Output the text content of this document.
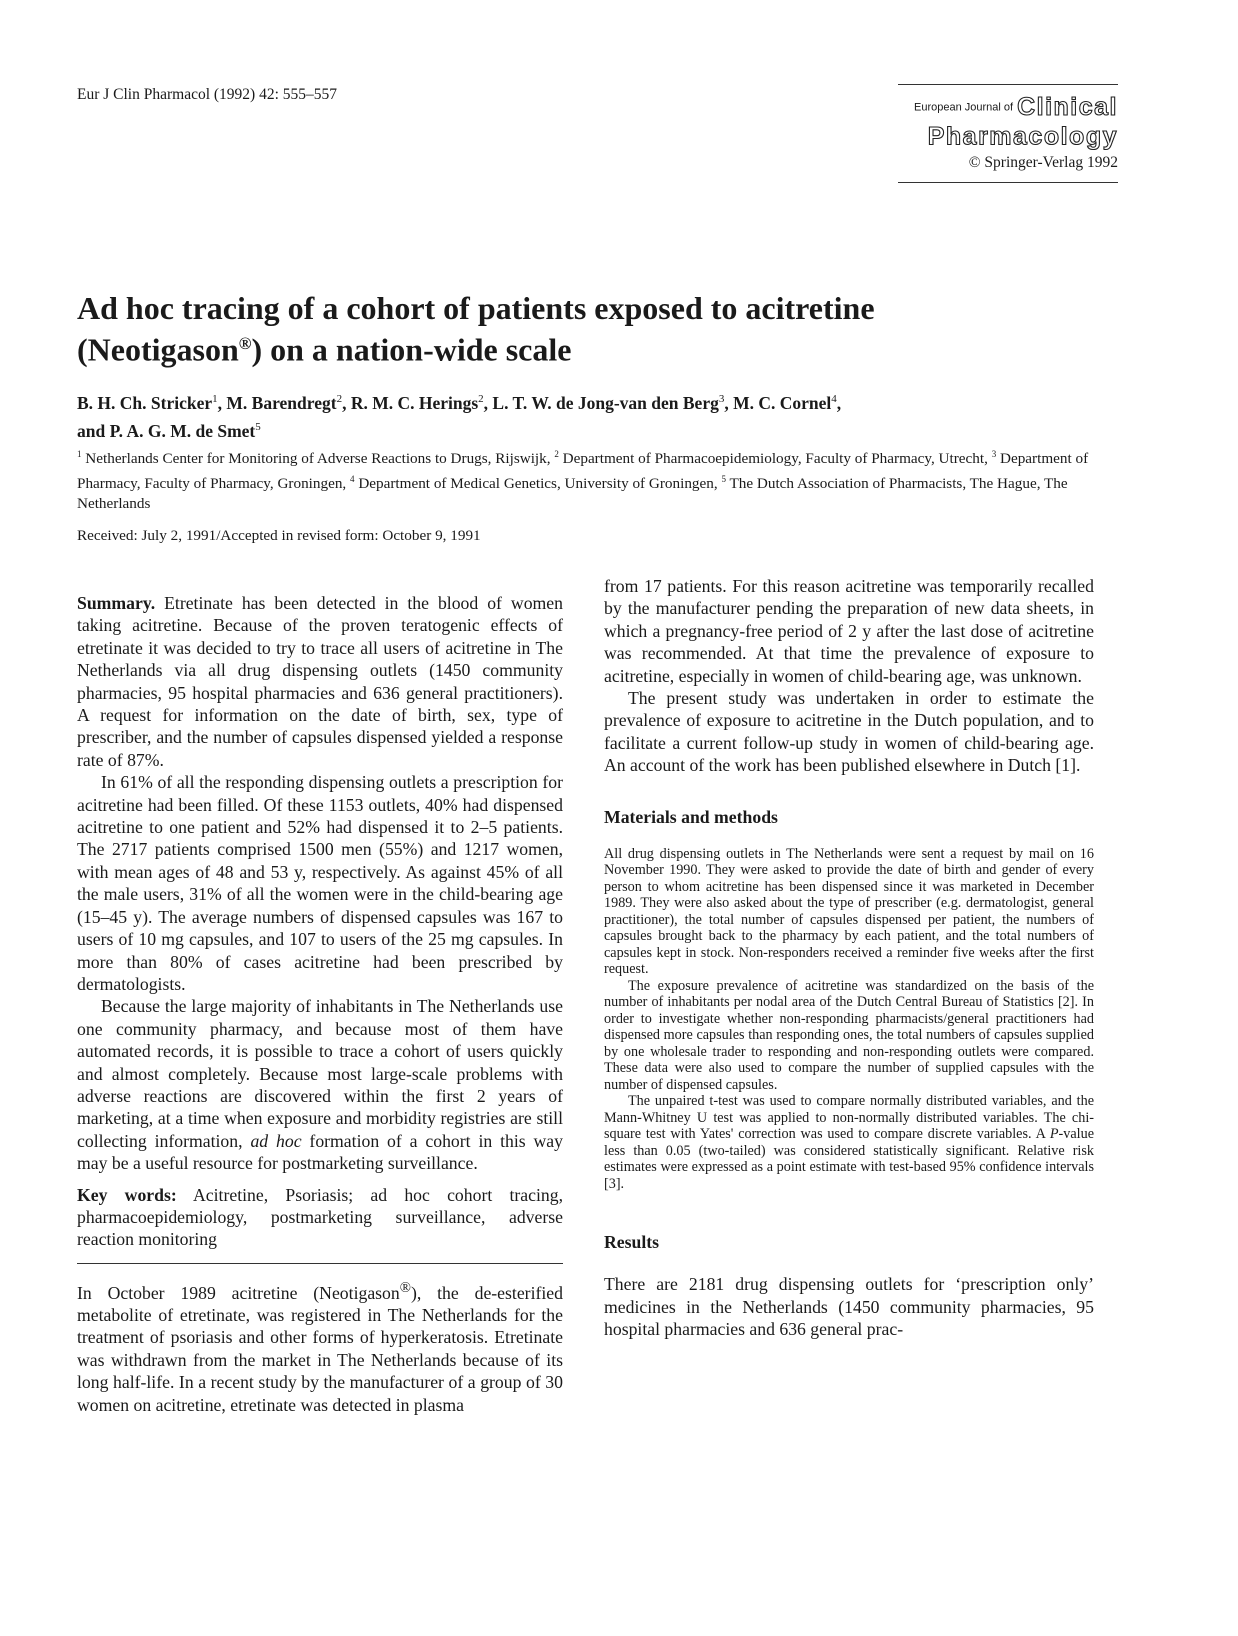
Eur J Clin Pharmacol (1992) 42: 555–557
European Journal of Clinical
Pharmacology
© Springer-Verlag 1992
Ad hoc tracing of a cohort of patients exposed to acitretine
(Neotigason®) on a nation-wide scale
B. H. Ch. Stricker$^1$, M. Barendregt$^2$, R. M. C. Herings$^2$, L. T. W. de Jong-van den Berg$^3$, M. C. Cornel$^4$,
and P. A. G. M. de Smet$^5$
$^1$ Netherlands Center for Monitoring of Adverse Reactions to Drugs, Rijswijk, $^2$ Department of Pharmacoepidemiology, Faculty of Pharmacy, Utrecht, $^3$ Department of Pharmacy, Faculty of Pharmacy, Groningen, $^4$ Department of Medical Genetics, University of Groningen, $^5$ The Dutch Association of Pharmacists, The Hague, The Netherlands
Received: July 2, 1991/Accepted in revised form: October 9, 1991

Summary. Etretinate has been detected in the blood of women taking acitretine. Because of the proven teratogenic effects of etretinate it was decided to try to trace all users of acitretine in The Netherlands via all drug dispensing outlets (1450 community pharmacies, 95 hospital pharmacies and 636 general practitioners). A request for information on the date of birth, sex, type of prescriber, and the number of capsules dispensed yielded a response rate of 87%.

In 61% of all the responding dispensing outlets a prescription for acitretine had been filled. Of these 1153 outlets, 40% had dispensed acitretine to one patient and 52% had dispensed it to 2–5 patients. The 2717 patients comprised 1500 men (55%) and 1217 women, with mean ages of 48 and 53 y, respectively. As against 45% of all the male users, 31% of all the women were in the child-bearing age (15–45 y). The average numbers of dispensed capsules was 167 to users of 10 mg capsules, and 107 to users of the 25 mg capsules. In more than 80% of cases acitretine had been prescribed by dermatologists.

Because the large majority of inhabitants in The Netherlands use one community pharmacy, and because most of them have automated records, it is possible to trace a cohort of users quickly and almost completely. Because most large-scale problems with adverse reactions are discovered within the first 2 years of marketing, at a time when exposure and morbidity registries are still collecting information, ad hoc formation of a cohort in this way may be a useful resource for postmarketing surveillance.

Key words: Acitretine, Psoriasis; ad hoc cohort tracing, pharmacoepidemiology, postmarketing surveillance, adverse reaction monitoring

In October 1989 acitretine (Neotigason®), the de-esterified metabolite of etretinate, was registered in The Netherlands for the treatment of psoriasis and other forms of hyperkeratosis. Etretinate was withdrawn from the market in The Netherlands because of its long half-life. In a recent study by the manufacturer of a group of 30 women on acitretine, etretinate was detected in plasma

from 17 patients. For this reason acitretine was temporarily recalled by the manufacturer pending the preparation of new data sheets, in which a pregnancy-free period of 2 y after the last dose of acitretine was recommended. At that time the prevalence of exposure to acitretine, especially in women of child-bearing age, was unknown.

The present study was undertaken in order to estimate the prevalence of exposure to acitretine in the Dutch population, and to facilitate a current follow-up study in women of child-bearing age. An account of the work has been published elsewhere in Dutch [1].

Materials and methods

All drug dispensing outlets in The Netherlands were sent a request by mail on 16 November 1990. They were asked to provide the date of birth and gender of every person to whom acitretine has been dispensed since it was marketed in December 1989. They were also asked about the type of prescriber (e.g. dermatologist, general practitioner), the total number of capsules dispensed per patient, the numbers of capsules brought back to the pharmacy by each patient, and the total numbers of capsules kept in stock. Non-responders received a reminder five weeks after the first request.

The exposure prevalence of acitretine was standardized on the basis of the number of inhabitants per nodal area of the Dutch Central Bureau of Statistics [2]. In order to investigate whether non-responding pharmacists/general practitioners had dispensed more capsules than responding ones, the total numbers of capsules supplied by one wholesale trader to responding and non-responding outlets were compared. These data were also used to compare the number of supplied capsules with the number of dispensed capsules.

The unpaired t-test was used to compare normally distributed variables, and the Mann-Whitney U test was applied to non-normally distributed variables. The chi-square test with Yates' correction was used to compare discrete variables. A P-value less than 0.05 (two-tailed) was considered statistically significant. Relative risk estimates were expressed as a point estimate with test-based 95% confidence intervals [3].

Results

There are 2181 drug dispensing outlets for ‘prescription only’ medicines in the Netherlands (1450 community pharmacies, 95 hospital pharmacies and 636 general prac-
